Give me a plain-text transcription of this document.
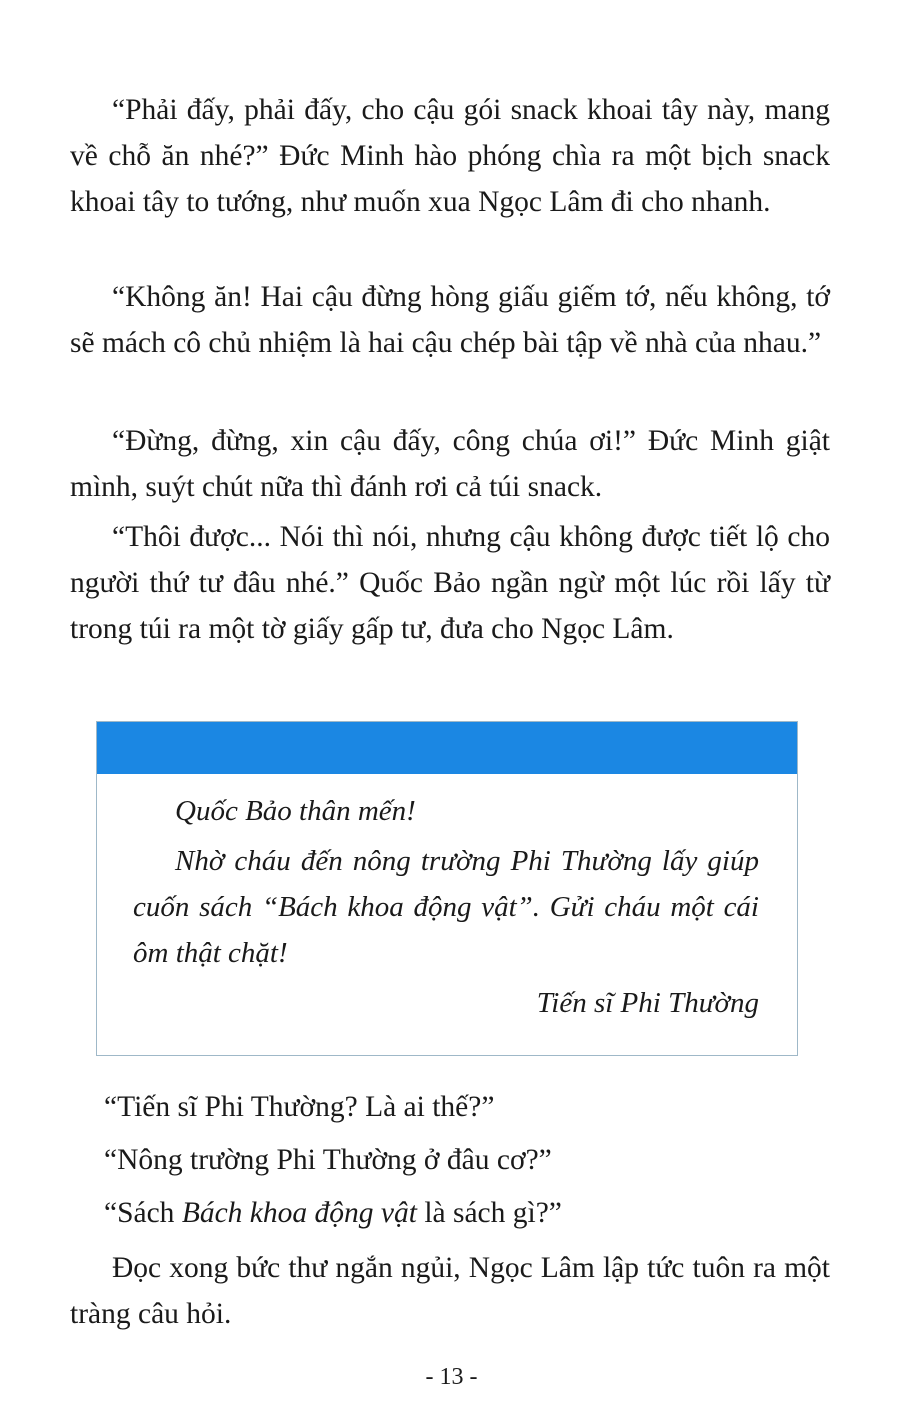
“Phải đấy, phải đấy, cho cậu gói snack khoai tây này, mang về chỗ ăn nhé?” Đức Minh hào phóng chìa ra một bịch snack khoai tây to tướng, như muốn xua Ngọc Lâm đi cho nhanh.

“Không ăn! Hai cậu đừng hòng giấu giếm tớ, nếu không, tớ sẽ mách cô chủ nhiệm là hai cậu chép bài tập về nhà của nhau.”

“Đừng, đừng, xin cậu đấy, công chúa ơi!” Đức Minh giật mình, suýt chút nữa thì đánh rơi cả túi snack.

“Thôi được... Nói thì nói, nhưng cậu không được tiết lộ cho người thứ tư đâu nhé.” Quốc Bảo ngần ngừ một lúc rồi lấy từ trong túi ra một tờ giấy gấp tư, đưa cho Ngọc Lâm.

Quốc Bảo thân mến!

Nhờ cháu đến nông trường Phi Thường lấy giúp cuốn sách “Bách khoa động vật”. Gửi cháu một cái ôm thật chặt!

Tiến sĩ Phi Thường

“Tiến sĩ Phi Thường? Là ai thế?”

“Nông trường Phi Thường ở đâu cơ?”

“Sách Bách khoa động vật là sách gì?”

Đọc xong bức thư ngắn ngủi, Ngọc Lâm lập tức tuôn ra một tràng câu hỏi.

- 13 -
